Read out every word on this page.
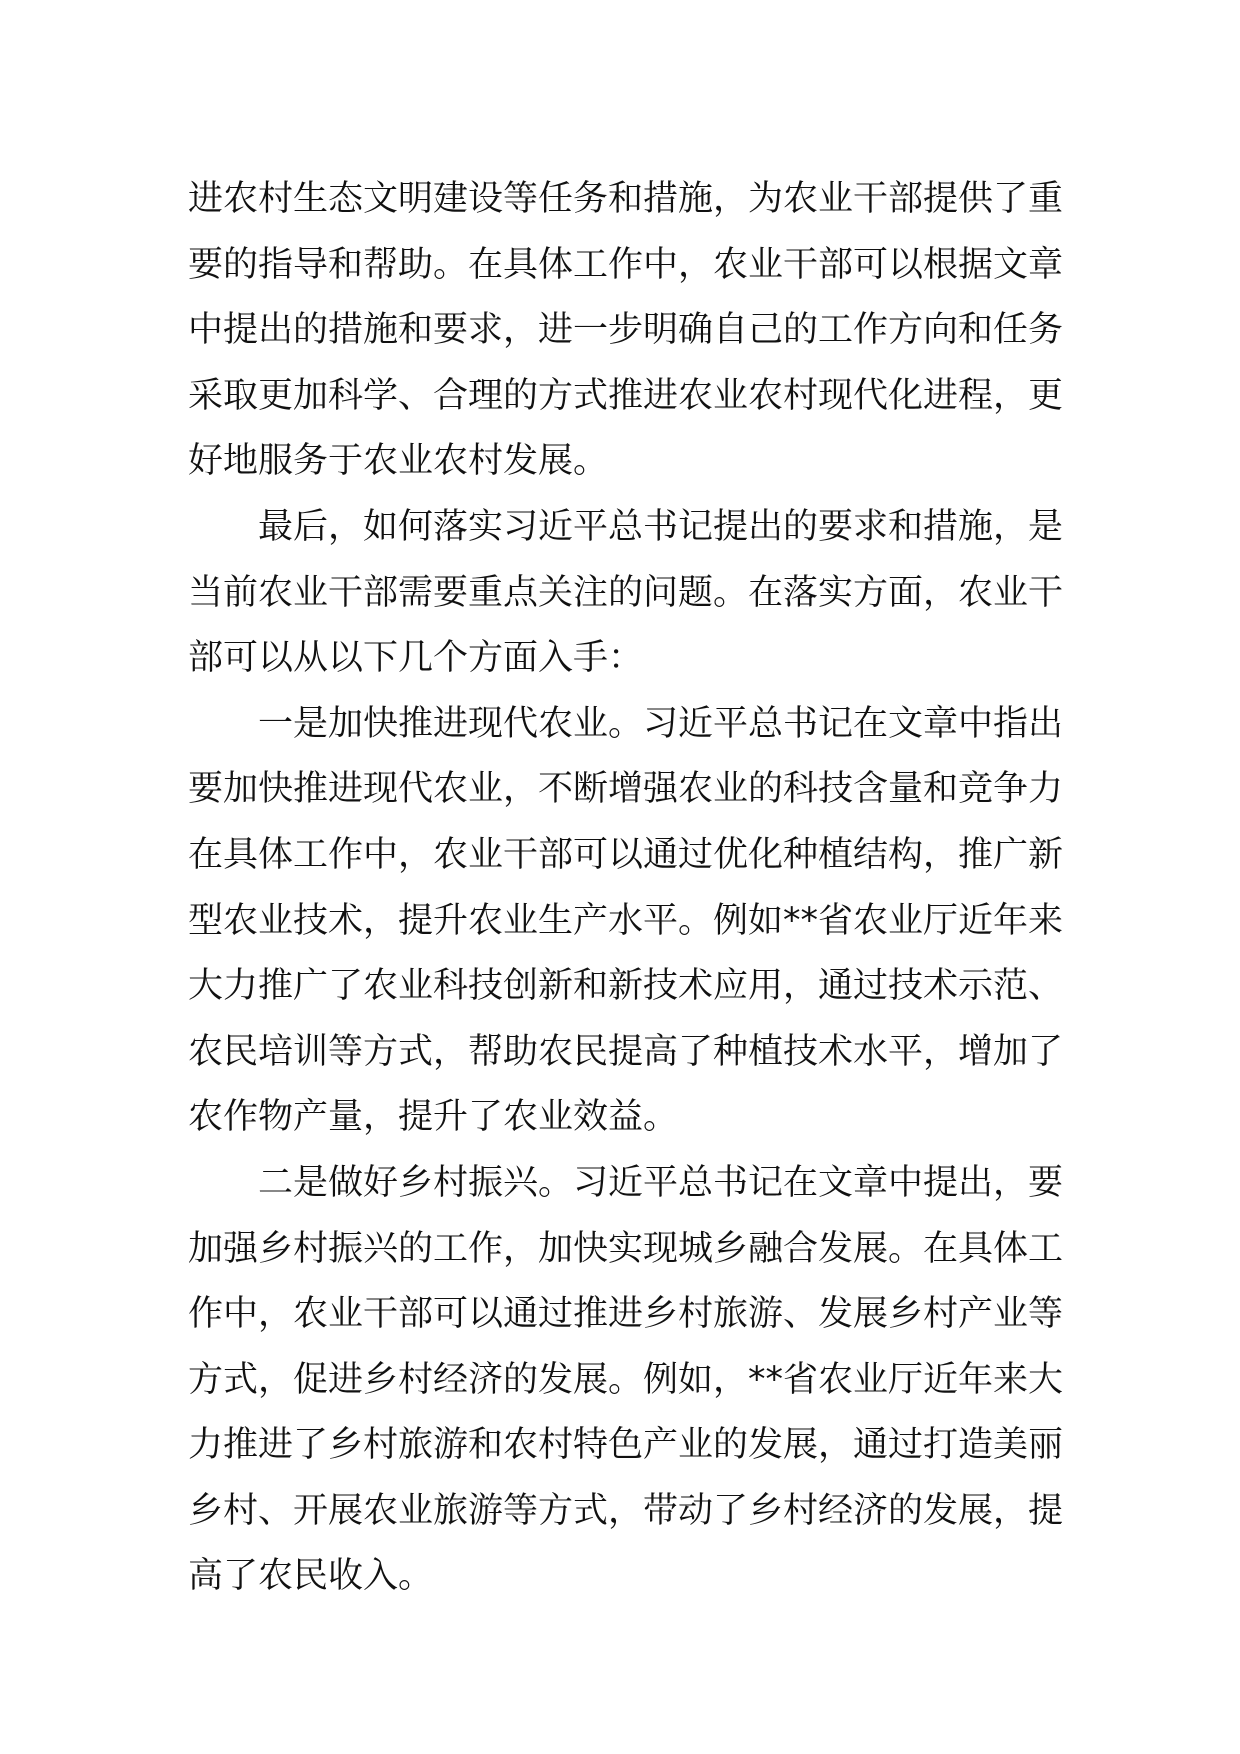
进农村生态文明建设等任务和措施，为农业干部提供了重
要的指导和帮助。在具体工作中，农业干部可以根据文章
中提出的措施和要求，进一步明确自己的工作方向和任务
采取更加科学、合理的方式推进农业农村现代化进程，更
好地服务于农业农村发展。
最后，如何落实习近平总书记提出的要求和措施，是
当前农业干部需要重点关注的问题。在落实方面，农业干
部可以从以下几个方面入手：
一是加快推进现代农业。习近平总书记在文章中指出
要加快推进现代农业，不断增强农业的科技含量和竞争力
在具体工作中，农业干部可以通过优化种植结构，推广新
型农业技术，提升农业生产水平。例如**省农业厅近年来
大力推广了农业科技创新和新技术应用，通过技术示范、
农民培训等方式，帮助农民提高了种植技术水平，增加了
农作物产量，提升了农业效益。
二是做好乡村振兴。习近平总书记在文章中提出，要
加强乡村振兴的工作，加快实现城乡融合发展。在具体工
作中，农业干部可以通过推进乡村旅游、发展乡村产业等
方式，促进乡村经济的发展。例如，**省农业厅近年来大
力推进了乡村旅游和农村特色产业的发展，通过打造美丽
乡村、开展农业旅游等方式，带动了乡村经济的发展，提
高了农民收入。
